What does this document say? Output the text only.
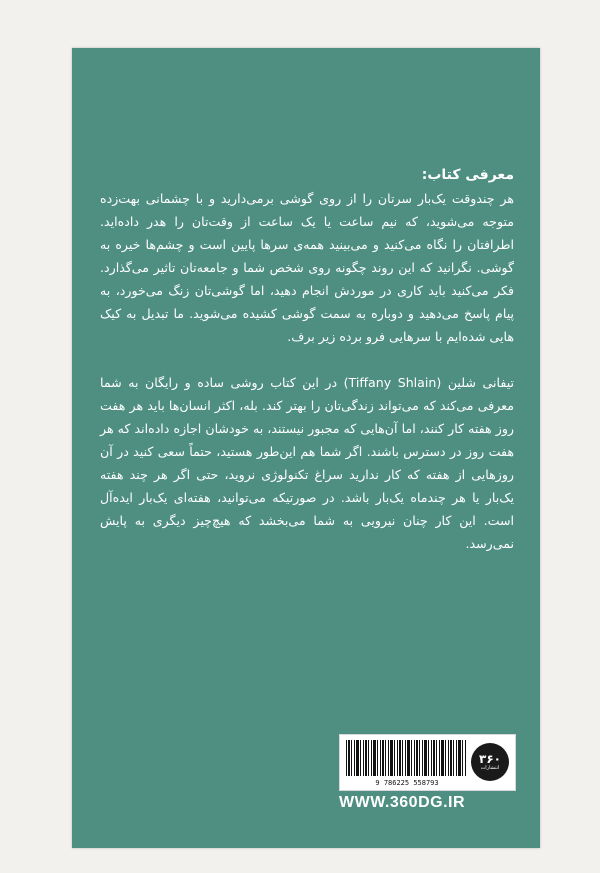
معرفی کتاب:

هر چندوقت یک‌بار سرتان را از روی گوشی برمی‌دارید و با چشمانی بهت‌زده متوجه می‌شوید، که نیم ساعت یا یک ساعت از وقت‌تان را هدر داده‌اید. اطرافتان را نگاه می‌کنید و می‌بینید همه‌ی سرها پایین است و چشم‌ها خیره به گوشی. نگرانید که این روند چگونه روی شخص شما و جامعه‌تان تاثیر می‌گذارد. فکر می‌کنید باید کاری در موردش انجام دهید، اما گوشی‌تان زنگ می‌خورد، به پیام پاسخ می‌دهید و دوباره به سمت گوشی کشیده می‌شوید. ما تبدیل به کیک هایی شده‌ایم با سرهایی فرو برده زیر برف.

تیفانی شلین (Tiffany Shlain) در این کتاب روشی ساده و رایگان به شما معرفی می‌کند که می‌تواند زندگی‌تان را بهتر کند. بله، اکثر انسان‌ها باید هر هفت روز هفته کار کنند، اما آن‌هایی که مجبور نیستند، به خودشان اجازه داده‌اند که هر هفت روز در دسترس باشند. اگر شما هم این‌طور هستید، حتماً سعی کنید در آن روزهایی از هفته که کار ندارید سراغ تکنولوژی نروید، حتی اگر هر چند هفته یک‌بار یا هر چندماه یک‌بار باشد. در صورتیکه می‌توانید، هفته‌ای یک‌بار ایده‌آل است. این کار چنان نیرویی به شما می‌بخشد که هیچ‌چیز دیگری به پایش نمی‌رسد.

9 786225 558793
۳۶۰
انتشارات
WWW.360DG.IR
